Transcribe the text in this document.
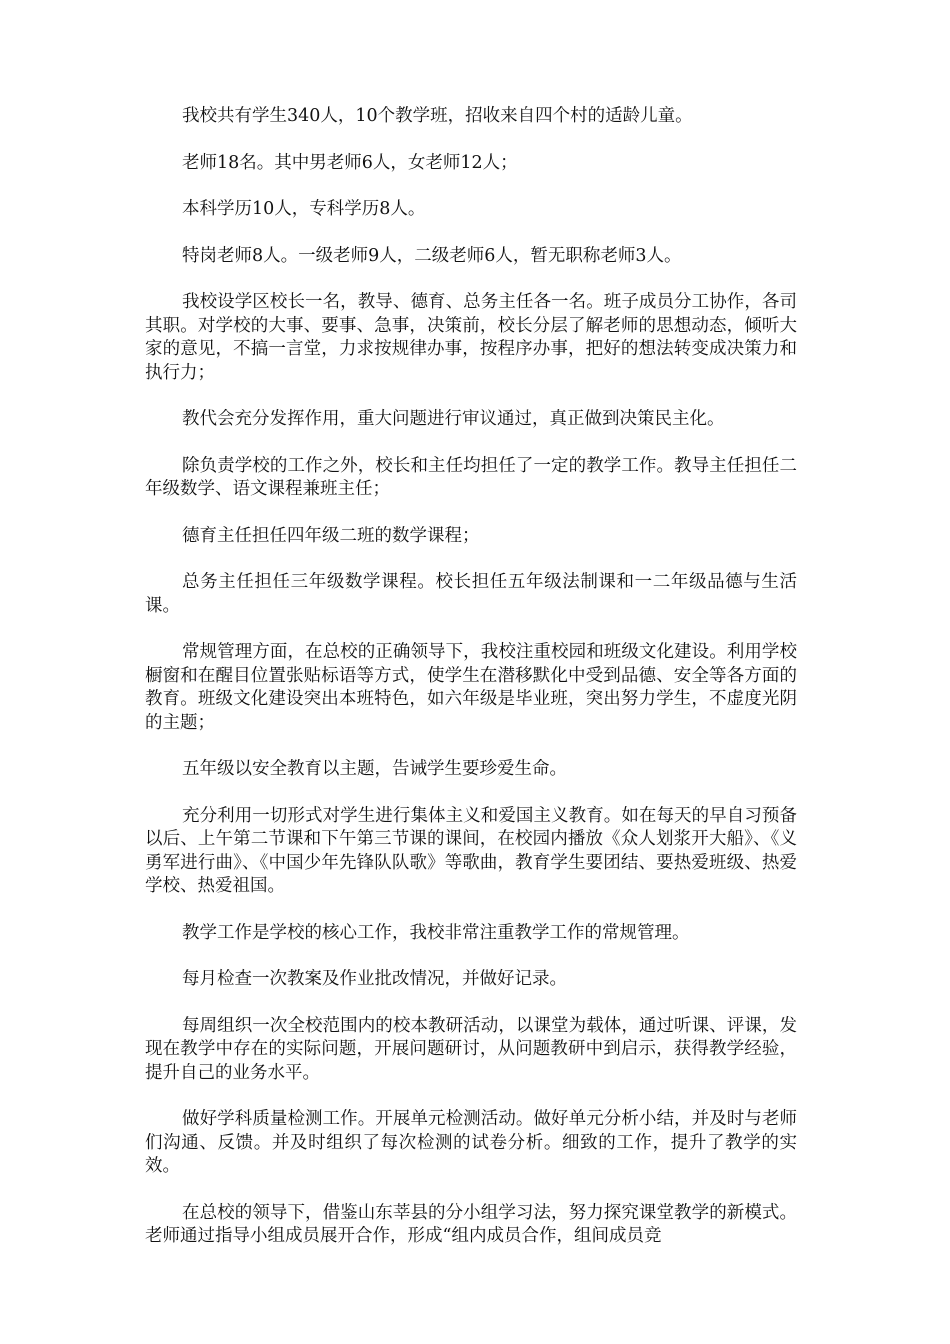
我校共有学生340人，10个教学班，招收来自四个村的适龄儿童。

老师18名。其中男老师6人，女老师12人；

本科学历10人，专科学历8人。

特岗老师8人。一级老师9人，二级老师6人，暂无职称老师3人。

我校设学区校长一名，教导、德育、总务主任各一名。班子成员分工协作，各司其职。对学校的大事、要事、急事，决策前，校长分层了解老师的思想动态，倾听大家的意见，不搞一言堂，力求按规律办事，按程序办事，把好的想法转变成决策力和执行力；

教代会充分发挥作用，重大问题进行审议通过，真正做到决策民主化。

除负责学校的工作之外，校长和主任均担任了一定的教学工作。教导主任担任二年级数学、语文课程兼班主任；

德育主任担任四年级二班的数学课程；

总务主任担任三年级数学课程。校长担任五年级法制课和一二年级品德与生活课。

常规管理方面，在总校的正确领导下，我校注重校园和班级文化建设。利用学校橱窗和在醒目位置张贴标语等方式，使学生在潜移默化中受到品德、安全等各方面的教育。班级文化建设突出本班特色，如六年级是毕业班，突出努力学生，不虚度光阴的主题；

五年级以安全教育以主题，告诫学生要珍爱生命。

充分利用一切形式对学生进行集体主义和爱国主义教育。如在每天的早自习预备以后、上午第二节课和下午第三节课的课间，在校园内播放《众人划浆开大船》、《义勇军进行曲》、《中国少年先锋队队歌》等歌曲，教育学生要团结、要热爱班级、热爱学校、热爱祖国。

教学工作是学校的核心工作，我校非常注重教学工作的常规管理。

每月检查一次教案及作业批改情况，并做好记录。

每周组织一次全校范围内的校本教研活动，以课堂为载体，通过听课、评课，发现在教学中存在的实际问题，开展问题研讨，从问题教研中到启示，获得教学经验，提升自己的业务水平。

做好学科质量检测工作。开展单元检测活动。做好单元分析小结，并及时与老师们沟通、反馈。并及时组织了每次检测的试卷分析。细致的工作，提升了教学的实效。

在总校的领导下，借鉴山东莘县的分小组学习法，努力探究课堂教学的新模式。老师通过指导小组成员展开合作，形成“组内成员合作，组间成员竞
